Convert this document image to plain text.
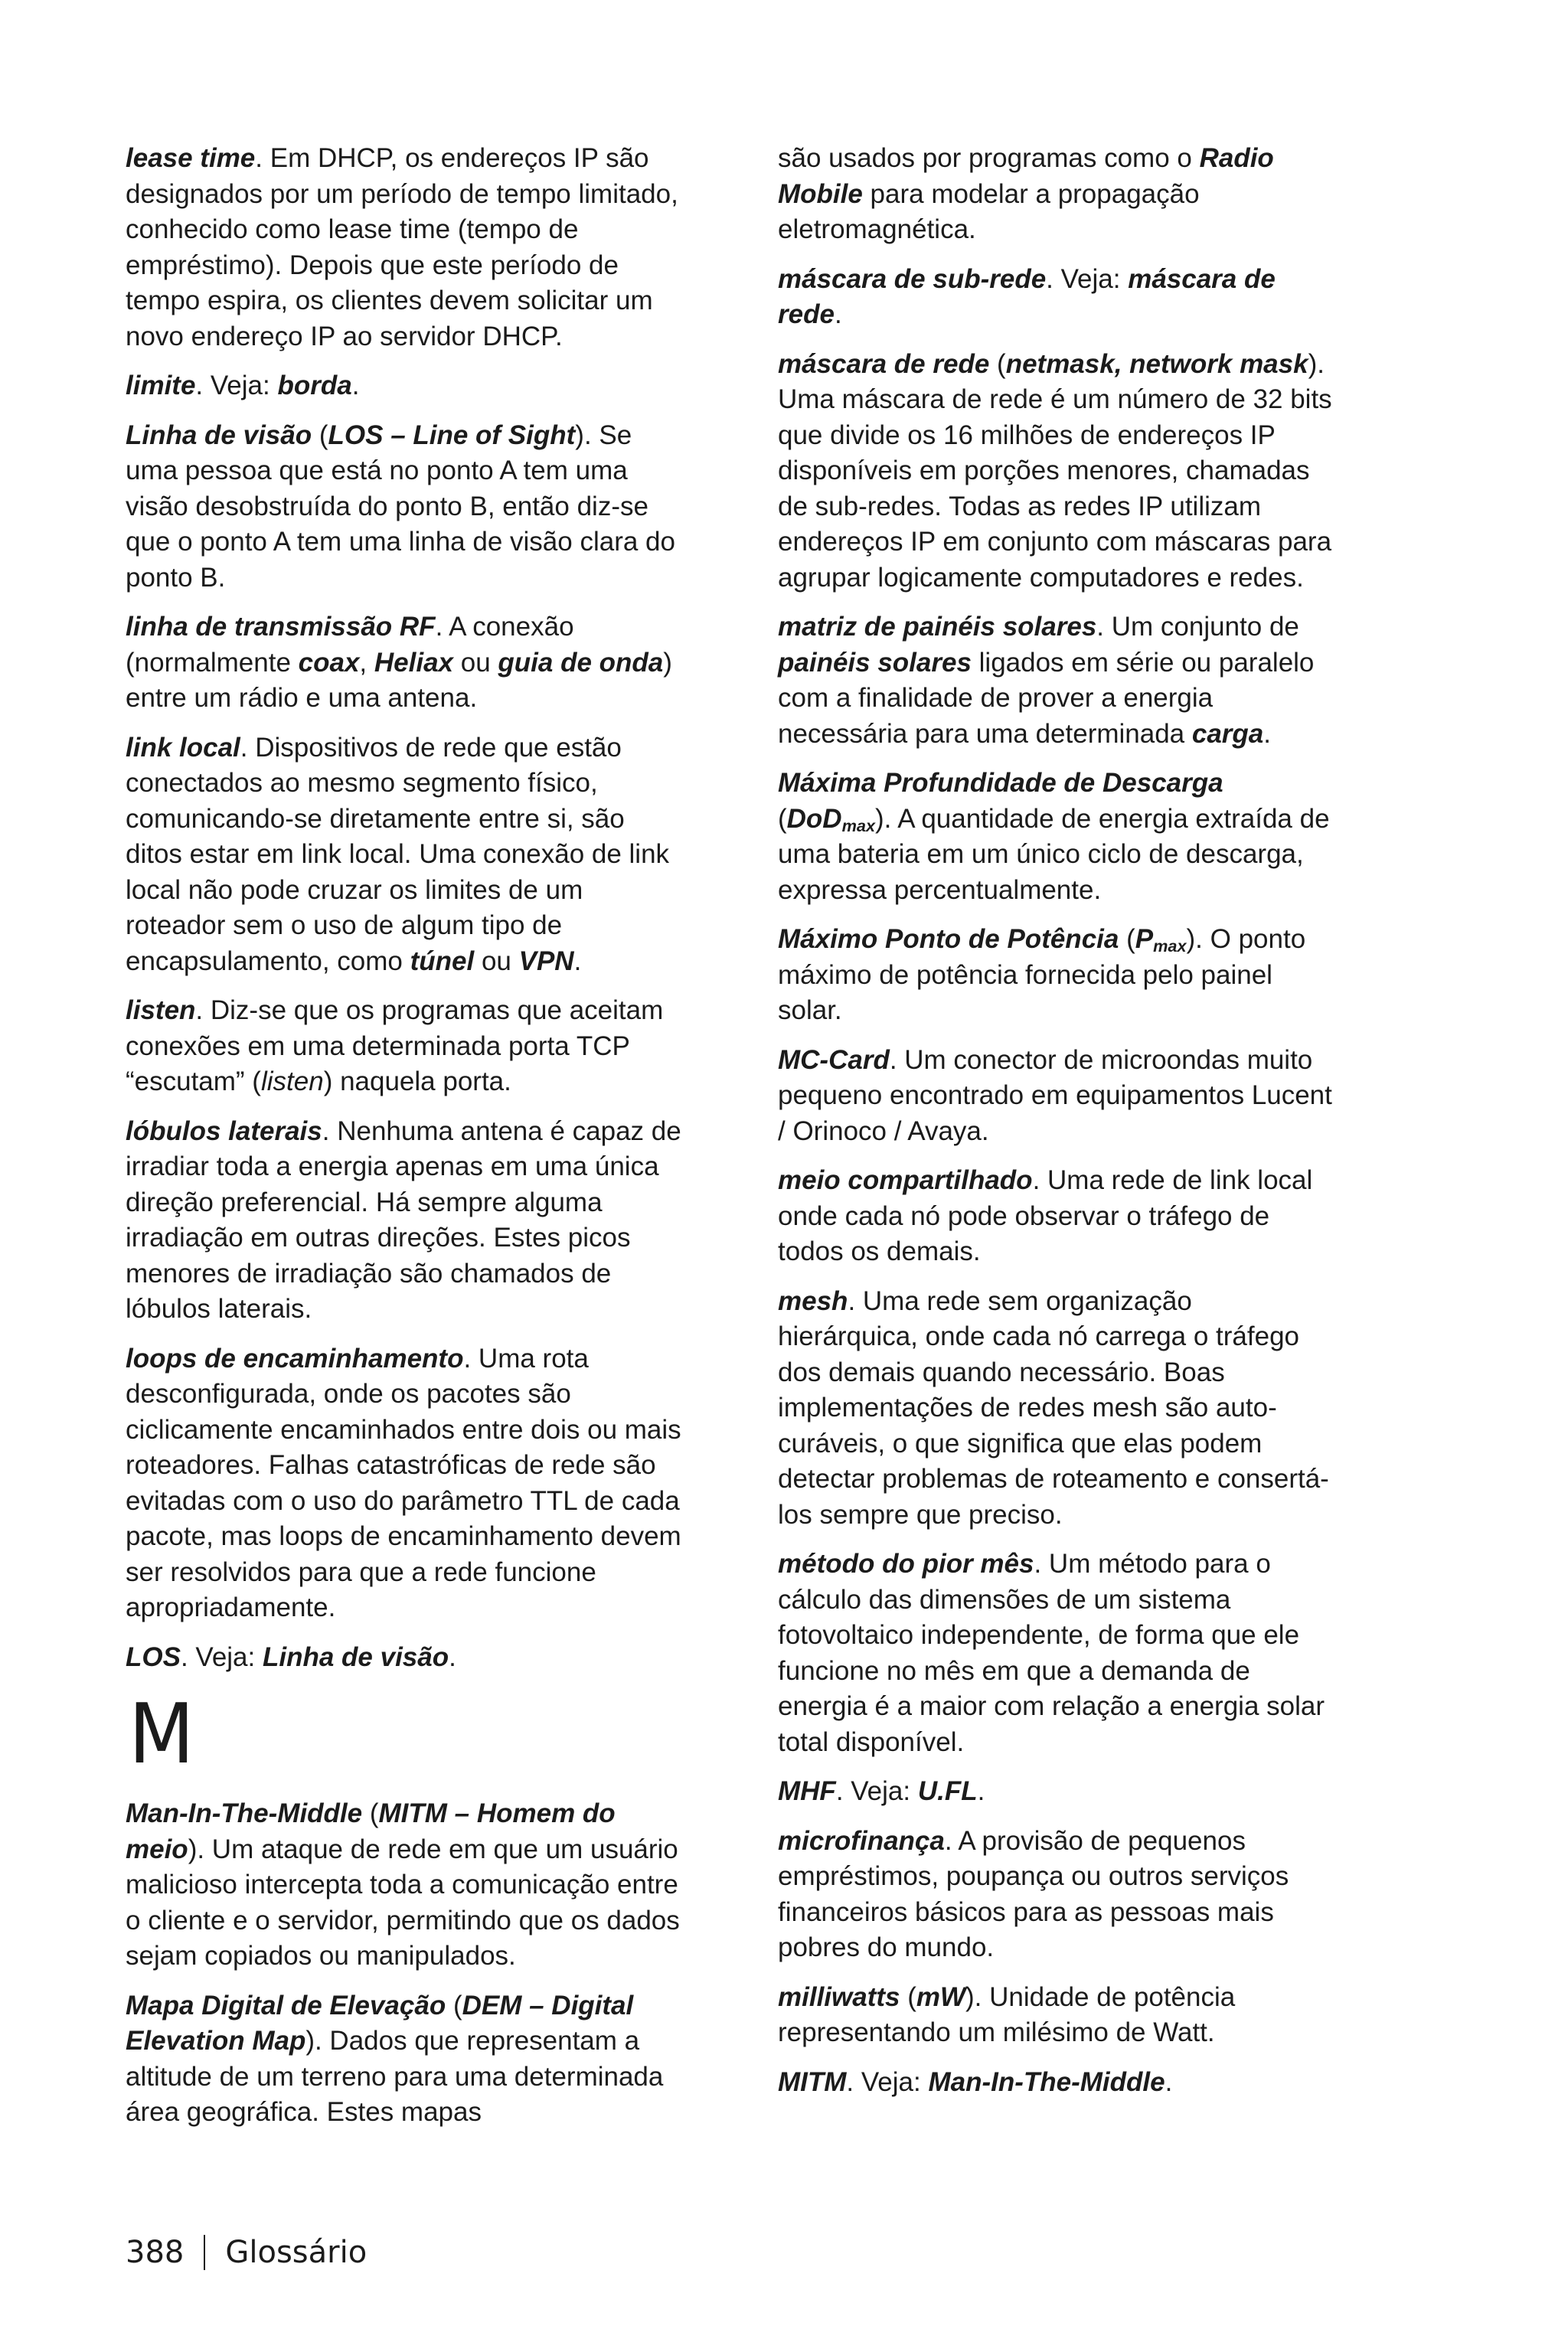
lease time. Em DHCP, os endereços IP são designados por um período de tempo limitado, conhecido como lease time (tempo de empréstimo). Depois que este período de tempo espira, os clientes devem solicitar um novo endereço IP ao servidor DHCP.

limite. Veja: borda.

Linha de visão (LOS – Line of Sight). Se uma pessoa que está no ponto A tem uma visão desobstruída do ponto B, então diz-se que o ponto A tem uma linha de visão clara do ponto B.

linha de transmissão RF. A conexão (normalmente coax, Heliax ou guia de onda) entre um rádio e uma antena.

link local. Dispositivos de rede que estão conectados ao mesmo segmento físico, comunicando-se diretamente entre si, são ditos estar em link local. Uma conexão de link local não pode cruzar os limites de um roteador sem o uso de algum tipo de encapsulamento, como túnel ou VPN.

listen. Diz-se que os programas que aceitam conexões em uma determinada porta TCP “escutam” (listen) naquela porta.

lóbulos laterais. Nenhuma antena é capaz de irradiar toda a energia apenas em uma única direção preferencial. Há sempre alguma irradiação em outras direções. Estes picos menores de irradiação são chamados de lóbulos laterais.

loops de encaminhamento. Uma rota desconfigurada, onde os pacotes são ciclicamente encaminhados entre dois ou mais roteadores. Falhas catastróficas de rede são evitadas com o uso do parâmetro TTL de cada pacote, mas loops de encaminhamento devem ser resolvidos para que a rede funcione apropriadamente.

LOS. Veja: Linha de visão.

M

Man-In-The-Middle (MITM – Homem do meio). Um ataque de rede em que um usuário malicioso intercepta toda a comunicação entre o cliente e o servidor, permitindo que os dados sejam copiados ou manipulados.

Mapa Digital de Elevação (DEM – Digital Elevation Map). Dados que representam a altitude de um terreno para uma determinada área geográfica. Estes mapas

são usados por programas como o Radio Mobile para modelar a propagação eletromagnética.

máscara de sub-rede. Veja: máscara de rede.

máscara de rede (netmask, network mask). Uma máscara de rede é um número de 32 bits que divide os 16 milhões de endereços IP disponíveis em porções menores, chamadas de sub-redes. Todas as redes IP utilizam endereços IP em conjunto com máscaras para agrupar logicamente computadores e redes.

matriz de painéis solares. Um conjunto de painéis solares ligados em série ou paralelo com a finalidade de prover a energia necessária para uma determinada carga.

Máxima Profundidade de Descarga (DoD$_{max}$). A quantidade de energia extraída de uma bateria em um único ciclo de descarga, expressa percentualmente.

Máximo Ponto de Potência $(P_{max})$. O ponto máximo de potência fornecida pelo painel solar.

MC-Card. Um conector de microondas muito pequeno encontrado em equipamentos Lucent / Orinoco / Avaya.

meio compartilhado. Uma rede de link local onde cada nó pode observar o tráfego de todos os demais.

mesh. Uma rede sem organização hierárquica, onde cada nó carrega o tráfego dos demais quando necessário. Boas implementações de redes mesh são auto-curáveis, o que significa que elas podem detectar problemas de roteamento e consertá-los sempre que preciso.

método do pior mês. Um método para o cálculo das dimensões de um sistema fotovoltaico independente, de forma que ele funcione no mês em que a demanda de energia é a maior com relação a energia solar total disponível.

MHF. Veja: U.FL.

microfinança. A provisão de pequenos empréstimos, poupança ou outros serviços financeiros básicos para as pessoas mais pobres do mundo.

milliwatts (mW). Unidade de potência representando um milésimo de Watt.

MITM. Veja: Man-In-The-Middle.

388 Glossário
